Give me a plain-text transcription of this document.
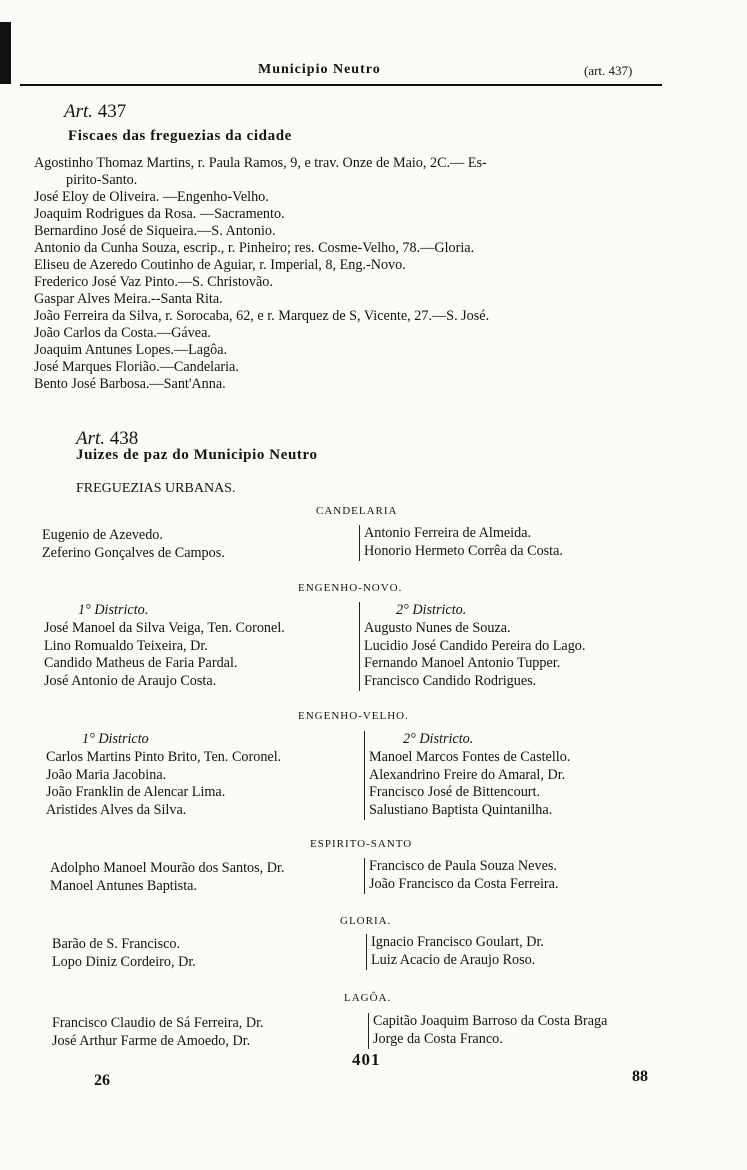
Municipio Neutro	(art. 437)
Art. 437
Fiscaes das freguezias da cidade
Agostinho Thomaz Martins, r. Paula Ramos, 9, e trav. Onze de Maio, 2C.— Es-
pirito-Santo.
José Eloy de Oliveira. —Engenho-Velho.
Joaquim Rodrigues da Rosa. —Sacramento.
Bernardino José de Siqueira.—S. Antonio.
Antonio da Cunha Souza, escrip., r. Pinheiro; res. Cosme-Velho, 78.—Gloria.
Eliseu de Azeredo Coutinho de Aguiar, r. Imperial, 8, Eng.-Novo.
Frederico José Vaz Pinto.—S. Christovão.
Gaspar Alves Meira.--Santa Rita.
João Ferreira da Silva, r. Sorocaba, 62, e r. Marquez de S, Vicente, 27.—S. José.
João Carlos da Costa.—Gávea.
Joaquim Antunes Lopes.—Lagôa.
José Marques Florião.—Candelaria.
Bento José Barbosa.—Sant'Anna.
Art. 438
Juizes de paz do Municipio Neutro
FREGUEZIAS URBANAS.
CANDELARIA
Eugenio de Azevedo.
Zeferino Gonçalves de Campos.
Antonio Ferreira de Almeida.
Honorio Hermeto Corrêa da Costa.
ENGENHO-NOVO.
1° Districto.
José Manoel da Silva Veiga, Ten. Coronel.
Lino Romualdo Teixeira, Dr.
Candido Matheus de Faria Pardal.
José Antonio de Araujo Costa.
2° Districto.
Augusto Nunes de Souza.
Lucidio José Candido Pereira do Lago.
Fernando Manoel Antonio Tupper.
Francisco Candido Rodrigues.
ENGENHO-VELHO.
1° Districto
Carlos Martins Pinto Brito, Ten. Coronel.
João Maria Jacobina.
João Franklin de Alencar Lima.
Aristides Alves da Silva.
2° Districto.
Manoel Marcos Fontes de Castello.
Alexandrino Freire do Amaral, Dr.
Francisco José de Bittencourt.
Salustiano Baptista Quintanilha.
ESPIRITO-SANTO
Adolpho Manoel Mourão dos Santos, Dr.
Manoel Antunes Baptista.
Francisco de Paula Souza Neves.
João Francisco da Costa Ferreira.
GLORIA.
Barão de S. Francisco.
Lopo Diniz Cordeiro, Dr.
Ignacio Francisco Goulart, Dr.
Luiz Acacio de Araujo Roso.
LAGÔA.
Francisco Claudio de Sá Ferreira, Dr.
José Arthur Farme de Amoedo, Dr.
Capitão Joaquim Barroso da Costa Braga
Jorge da Costa Franco.
401
26	88
